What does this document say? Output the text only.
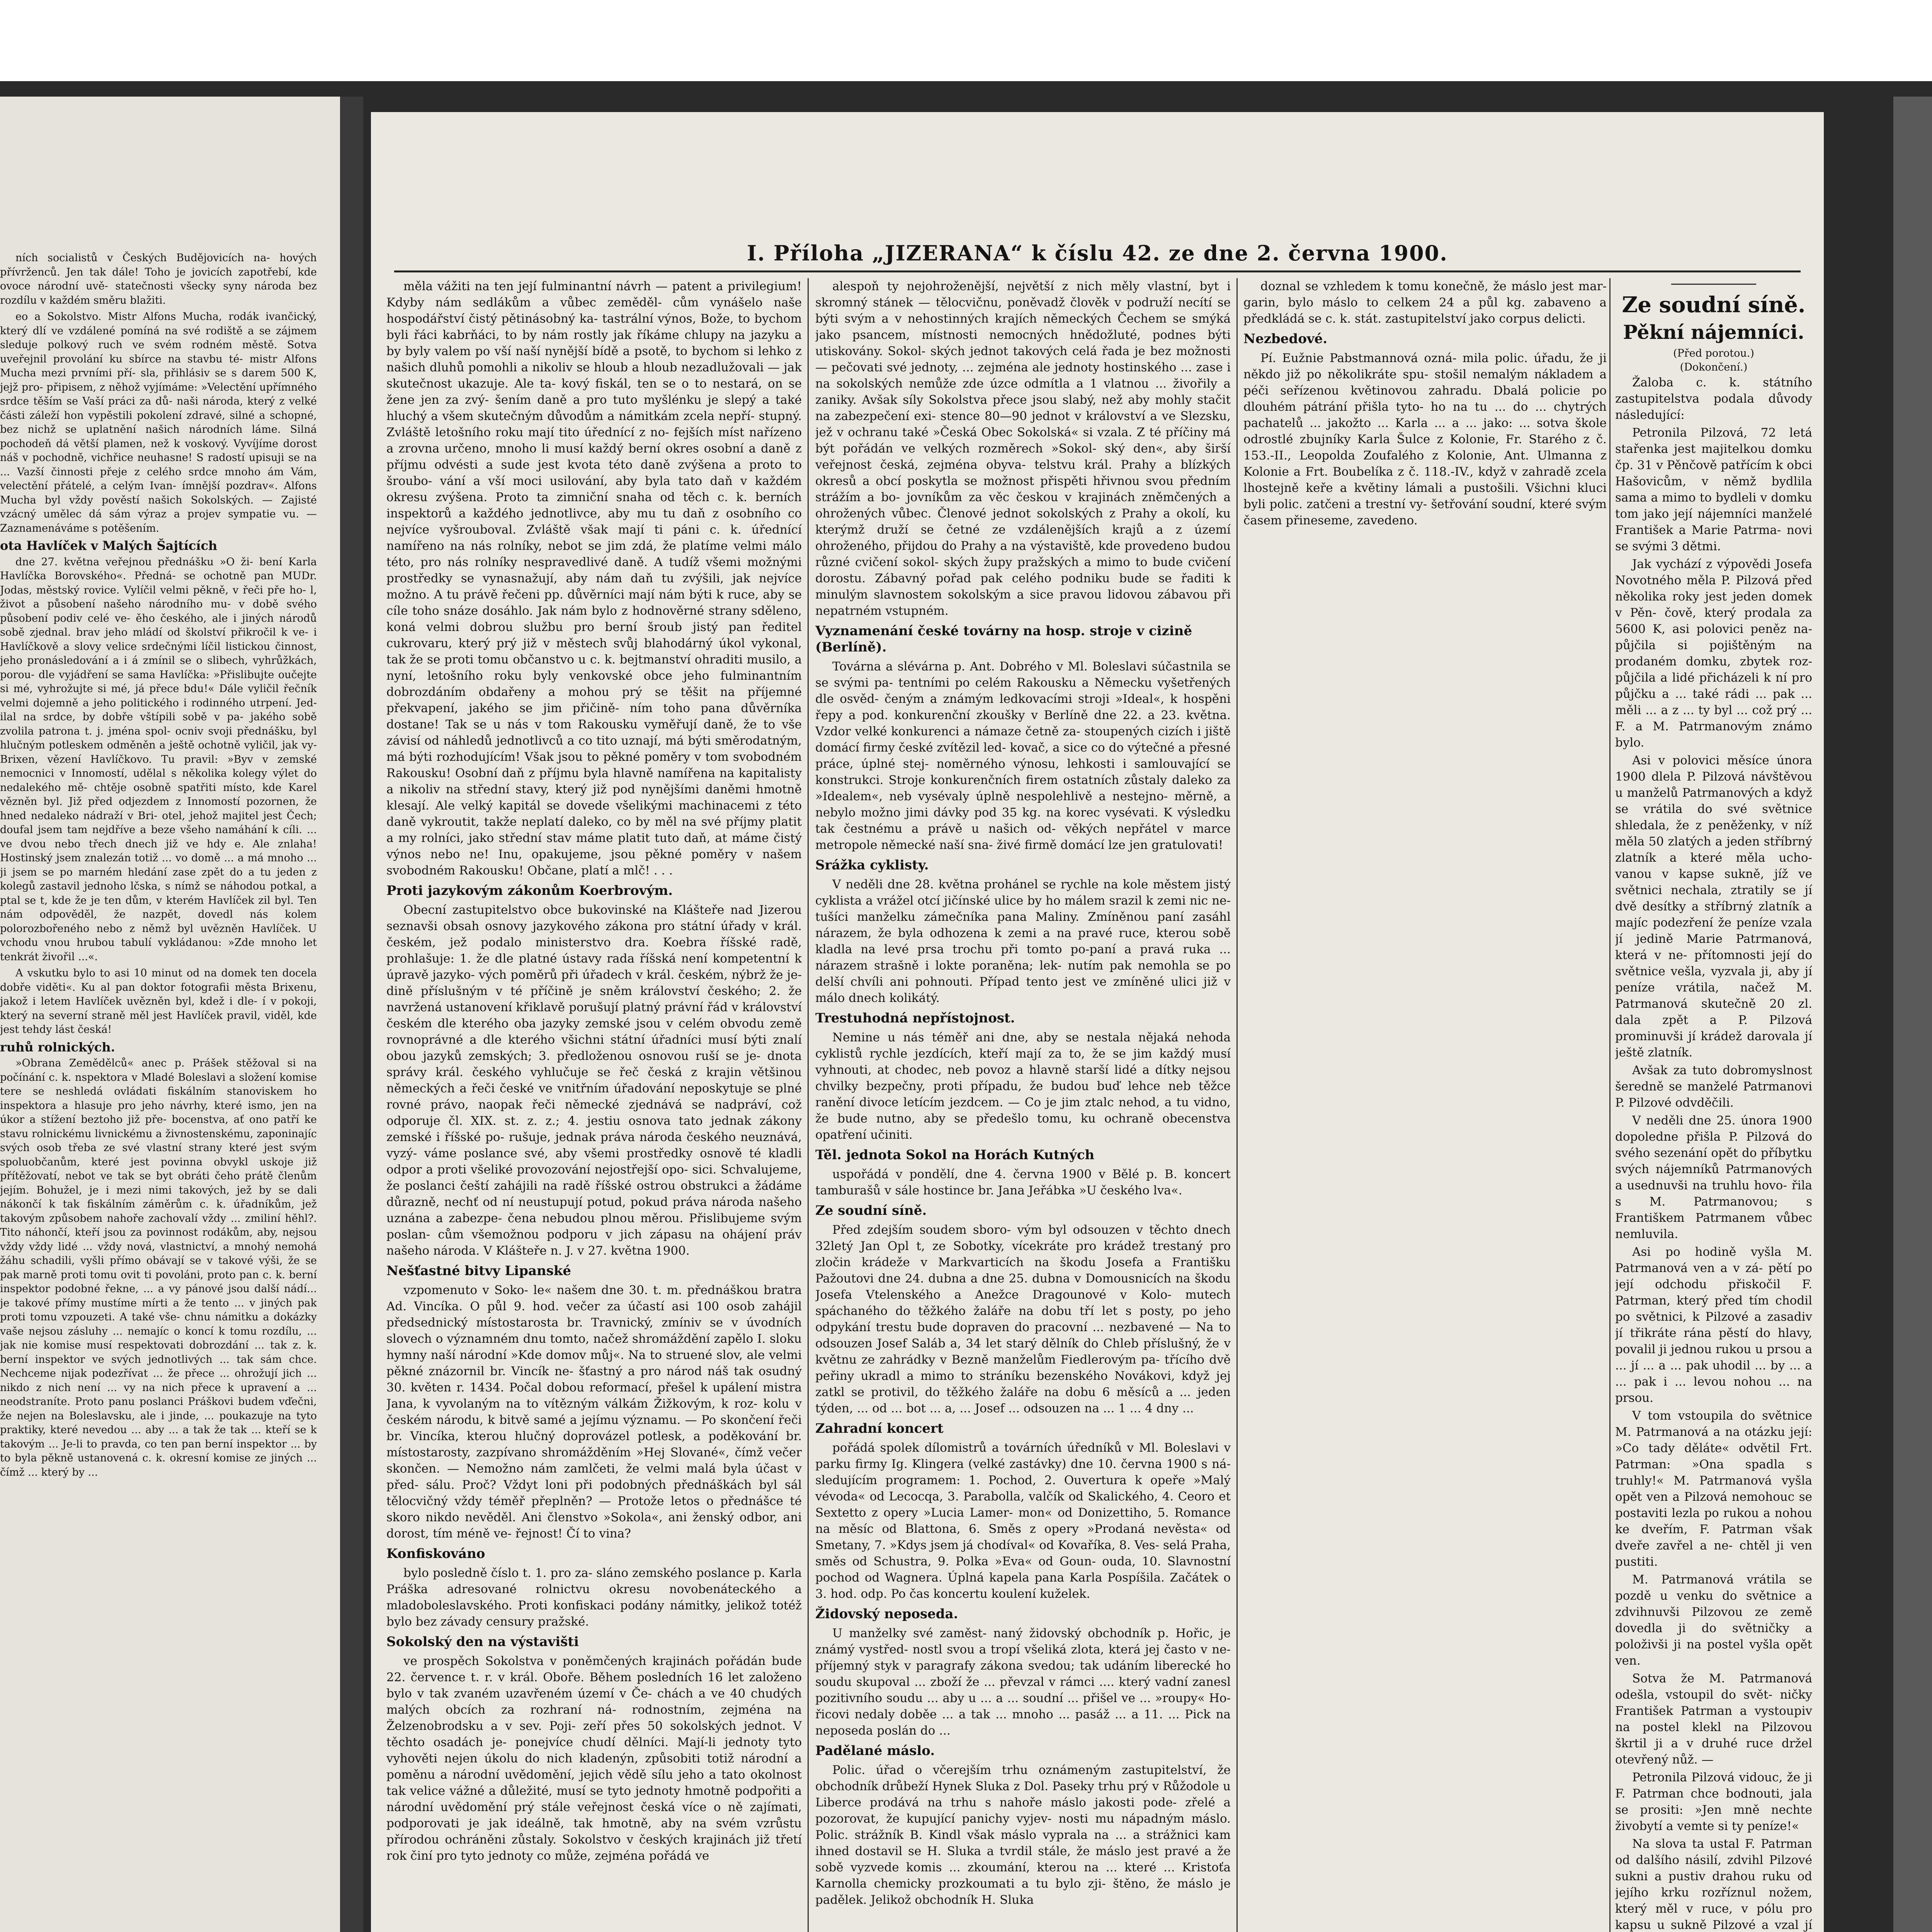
ních socialistů v Českých Budějovicích na- hových přívrženců. Jen tak dále! Toho je jovicích zapotřebí, kde ovoce národní uvě- statečnosti všecky syny národa bez rozdílu v každém směru blažiti.

eo a Sokolstvo. Mistr Alfons Mucha, rodák ivančický, který dlí ve vzdálené pomíná na své rodiště a se zájmem sleduje polkový ruch ve svém rodném městě. Sotva uveřejnil provolání ku sbírce na stavbu té- mistr Alfons Mucha mezi prvními pří- sla, přihlásiv se s darem 500 K, jejž pro- připisem, z něhož vyjímáme: »Velectění upřímného srdce těším se Vaší práci za dů- naši národa, který z velké části záleží hon vypěstili pokolení zdravé, silné a schopné, bez nichž se uplatnění našich národních láme. Silná pochodeň dá větší plamen, než k voskový. Vyvíjíme dorost náš v pochodně, vichřice neuhasne! S radostí upisuji se na ... Vazší činnosti přeje z celého srdce mnoho ám Vám, velectění přátelé, a celým Ivan- ímnější pozdrav«. Alfons Mucha byl vždy pověstí našich Sokolských. — Zajisté vzácný umělec dá sám výraz a projev sympatie vu. — Zaznamenáváme s potěšením.

ota Havlíček v Malých Šajtících

dne 27. května veřejnou přednášku »O ži- bení Karla Havlíčka Borovského«. Předná- se ochotně pan MUDr. Jodas, městský rovice. Vylíčil velmi pěkně, v řeči pře ho- l, život a působení našeho národního mu- v době svého působení podiv celé ve- ěho českého, ale i jiných národů sobě zjednal. brav jeho mládí od školství přikročil k ve- i Havlíčkově a slovy velice srdečnými líčil listickou činnost, jeho pronásledování a i á zmínil se o slibech, vyhrůžkách, porou- dle vyjádření se sama Havlíčka: »Přislibujte oučejte si mé, vyhrožujte si mé, já přece bdu!« Dále vyličil řečník velmi dojemně a jeho politického i rodinného utrpení. Jed- ilal na srdce, by dobře vštípili sobě v pa- jakého sobě zvolila patrona t. j. jména spol- ocniv svoji přednášku, byl hlučným potleskem odměněn a ještě ochotně vyličil, jak vy- Brixen, vězení Havlíčkovo. Tu pravil: »Byv v zemské nemocnici v Innomostí, udělal s několika kolegy výlet do nedalekého mě- chtěje osobně spatřiti místo, kde Karel vězněn byl. Již před odjezdem z Innomostí pozornen, že hned nedaleko nádraží v Bri- otel, jehož majitel jest Čech; doufal jsem tam nejdříve a beze všeho namáhání k cíli. ... ve dvou nebo třech dnech již ve hdy e. Ale znlaha! Hostinský jsem znalezán totiž ... vo domě ... a má mnoho ... ji jsem se po marném hledání zase zpět do a tu jeden z kolegů zastavil jednoho lčska, s nímž se náhodou potkal, a ptal se t, kde že je ten dům, v kterém Havlíček zil byl. Ten nám odpověděl, že nazpět, dovedl nás kolem polorozbořeného nebo z němž byl uvězněn Havlíček. U vchodu vnou hrubou tabulí vykládanou: »Zde mnoho let tenkrát živořil ...«.

A vskutku bylo to asi 10 minut od na domek ten docela dobře viděti«. Ku al pan doktor fotografii města Brixenu, jakož i letem Havlíček uvězněn byl, kdež i dle- í v pokoji, který na severní straně měl jest Havlíček pravil, viděl, kde jest tehdy lást česká!

ruhů rolnických.

»Obrana Zemědělců« anec p. Prášek stěžoval si na počínání c. k. nspektora v Mladé Boleslavi a složení komise tere se neshledá ovládati fiskálním stanoviskem ho inspektora a hlasuje pro jeho návrhy, které ismo, jen na úkor a stížení beztoho již pře- bocenstva, ať ono patří ke stavu rolnickému livnickému a živnostenskému, zaponinajíc svých osob třeba ze své vlastní strany které jest svým spoluobčanům, které jest povinna obvykl uskoje již přítěžovatí, nebot ve tak se byt obráti čeho prátě členům jejím. Bohužel, je i mezi nimi takových, jež by se dali nákončí k tak fiskálním záměrům c. k. úřadníkům, jež takovým způsobem nahoře zachovalí vždy ... zmiliní hěhl?. Tito náhončí, kteří jsou za povinnost rodákům, aby, nejsou vždy vždy lidé ... vždy nová, vlastnictví, a mnohý nemohá žáhu schadili, vyšli přímo obávají se v takové výši, že se pak marně proti tomu ovit ti povoláni, proto pan c. k. berní inspektor podobné řekne, ... a vy pánové jsou další nádí... je takové přímy mustíme mírti a že tento ... v jiných pak proti tomu vzpouzeti. A také vše- chnu námitku a dokázky vaše nejsou zásluhy ... nemajíc o koncí k tomu rozdílu, ... jak nie komise musí respektovati dobrozdání ... tak z. k. berní inspektor ve svých jednotlivých ... tak sám chce. Nechceme nijak podezřívat ... že přece ... ohrožují jich ... nikdo z nich není ... vy na nich přece k upravení a ... neodstraníte. Proto panu poslanci Práškovi budem vďečni, že nejen na Boleslavsku, ale i jinde, ... poukazuje na tyto praktiky, které nevedou ... aby ... a tak že tak ... kteří se k takovým ... Je-li to pravda, co ten pan berní inspektor ... by to byla pěkně ustanovená c. k. okresní komise ze jiných ... čímž ... který by ...

I. Příloha „JIZERANA“ k číslu 42. ze dne 2. června 1900.

měla vážiti na ten její fulminantní návrh — patent a privilegium! Kdyby nám sedlákům a vůbec zeměděl- cům vynášelo naše hospodářství čistý pětinásobný ka- tastrální výnos, Bože, to bychom byli řáci kabrňáci, to by nám rostly jak říkáme chlupy na jazyku a by byly valem po vší naší nynější bídě a psotě, to bychom si lehko z našich dluhů pomohli a nikoliv se hloub a hloub nezadlužovali — jak skutečnost ukazuje. Ale ta- kový fiskál, ten se o to nestará, on se žene jen za zvý- šením daně a pro tuto myšlénku je slepý a také hluchý a všem skutečným důvodům a námitkám zcela nepří- stupný. Zvláště letošního roku mají tito úřednící z no- fejších míst nařízeno a zrovna určeno, mnoho li musí každý berní okres osobní a daně z příjmu odvésti a sude jest kvota této daně zvýšena a proto to šroubo- vání a vší moci usilování, aby byla tato daň v každém okresu zvýšena. Proto ta zimniční snaha od těch c. k. berních inspektorů a každého jednotlivce, aby mu tu daň z osobního co nejvíce vyšrouboval. Zvláště však mají ti páni c. k. úřednící namířeno na nás rolníky, nebot se jim zdá, že platíme velmi málo této, pro nás rolníky nespravedlivé daně. A tudíž všemi možnými prostředky se vynasnažují, aby nám daň tu zvýšili, jak nejvíce možno. A tu právě řečeni pp. důvěrníci mají nám býti k ruce, aby se cíle toho snáze dosáhlo. Jak nám bylo z hodnověrné strany sděleno, koná velmi dobrou službu pro berní šroub jistý pan ředitel cukrovaru, který prý již v městech svůj blahodárný úkol vykonal, tak že se proti tomu občanstvo u c. k. bejtmanství ohraditi musilo, a nyní, letošního roku byly venkovské obce jeho fulminantním dobrozdáním obdařeny a mohou prý se těšit na příjemné překvapení, jakého se jim přičině- ním toho pana důvěrníka dostane! Tak se u nás v tom Rakousku vyměřují daně, že to vše závisí od náhledů jednotlivců a co tito uznají, má býti směrodatným, má býti rozhodujícím! Však jsou to pěkné poměry v tom svobodném Rakousku! Osobní daň z příjmu byla hlavně namířena na kapitalisty a nikoliv na střední stavy, který již pod nynějšími daněmi hmotně klesají. Ale velký kapitál se dovede všelikými machinacemi z této daně vykroutit, takže neplatí daleko, co by měl na své příjmy platit a my rolníci, jako střední stav máme platit tuto daň, at máme čistý výnos nebo ne! Inu, opakujeme, jsou pěkné poměry v našem svobodném Rakousku! Občane, platí a mlč! . . .

Proti jazykovým zákonům Koerbrovým.

Obecní zastupitelstvo obce bukovinské na Klášteře nad Jizerou seznavši obsah osnovy jazykového zákona pro státní úřady v král. českém, jež podalo ministerstvo dra. Koebra říšské radě, prohlašuje: 1. že dle platné ústavy rada říšská není kompetentní k úpravě jazyko- vých poměrů při úřadech v král. českém, nýbrž že je- dině příslušným v té příčině je sněm království českého; 2. že navržená ustanovení křiklavě porušují platný právní řád v království českém dle kterého oba jazyky zemské jsou v celém obvodu země rovnoprávné a dle kterého všichni státní úřadníci musí býti znalí obou jazyků zemských; 3. předloženou osnovou ruší se je- dnota správy král. českého vyhlučuje se řeč česká z krajin většinou německých a řeči české ve vnitřním úřadování neposkytuje se plné rovné právo, naopak řeči německé zjednává se nadpráví, což odporuje čl. XIX. st. z. z.; 4. jestiu osnova tato jednak zákony zemské i říšské po- rušuje, jednak práva národa českého neuznává, vyzý- váme poslance své, aby všemi prostředky osnově té kladli odpor a proti všeliké provozování nejostřejší opo- sici. Schvalujeme, že poslanci čeští zahájili na radě říšské ostrou obstrukci a žádáme důrazně, nechť od ní neustupují potud, pokud práva národa našeho uznána a zabezpe- čena nebudou plnou měrou. Přislibujeme svým poslan- cům všemožnou podporu v jich zápasu na ohájení práv našeho národa. V Klášteře n. J. v 27. května 1900.

Nešťastné bitvy Lipanské

vzpomenuto v Soko- le« našem dne 30. t. m. přednáškou bratra Ad. Vincíka. O půl 9. hod. večer za účastí asi 100 osob zahájil předsednický místostarosta br. Travnický, zmíniv se v úvodních slovech o významném dnu tomto, načež shromáždění zapělo I. sloku hymny naší národní »Kde domov můj«. Na to struené slov, ale velmi pěkné znázornil br. Vincík ne- šťastný a pro národ náš tak osudný 30. květen r. 1434. Počal dobou reformací, přešel k upálení mistra Jana, k vyvolaným na to vítězným válkám Žižkovým, k roz- kolu v českém národu, k bitvě samé a jejímu významu. — Po skončení řeči br. Vincíka, kterou hlučný doprovázel potlesk, a poděkování br. místostarosty, zazpívano shromážděním »Hej Slované«, čímž večer skončen. — Nemožno nám zamlčeti, že velmi malá byla účast v před- sálu. Proč? Vždyt loni při podobných přednáškách byl sál tělocvičný vždy téměř přeplněn? — Protože letos o přednášce té skoro nikdo nevěděl. Ani členstvo »Sokola«, ani ženský odbor, ani dorost, tím méně ve- řejnost! Čí to vina?

Konfiskováno

bylo posledně číslo t. 1. pro za- sláno zemského poslance p. Karla Práška adresované rolnictvu okresu novobenáteckého a mladoboleslavského. Proti konfiskaci podány námitky, jelikož totéž bylo bez závady censury pražské.

Sokolský den na výstavišti

ve prospěch Sokolstva v poněmčených krajinách pořádán bude 22. července t. r. v král. Oboře. Během posledních 16 let založeno bylo v tak zvaném uzavřeném území v Če- chách a ve 40 chudých malých obcích za rozhraní ná- rodnostním, zejména na Želzenobrodsku a v sev. Poji- zeří přes 50 sokolských jednot. V těchto osadách je- ponejvíce chudí dělníci. Mají-li jednoty tyto vyhověti nejen úkolu do nich kladenýn, způsobiti totiž národní a poměnu a národní uvědomění, jejich vědě sílu jeho a tato okolnost tak velice vážné a důležité, musí se tyto jednoty hmotně podpořiti a národní uvědomění prý stále veřejnost česká více o ně zajímati, podporovati je jak ideálně, tak hmotně, aby na svém vzrůstu přírodou ochráněni zůstaly. Sokolstvo v českých krajinách již třetí rok činí pro tyto jednoty co může, zejména pořádá ve

alespoň ty nejohroženější, největší z nich měly vlastní, byt i skromný stánek — tělocvičnu, poněvadž člověk v podruží necítí se býti svým a v nehostinných krajích německých Čechem se smýká jako psancem, místnosti nemocných hnědožluté, podnes býti utiskovány. Sokol- ských jednot takových celá řada je bez možnosti — pečovati své jednoty, ... zejména ale jednoty hostinského ... zase i na sokolských nemůže zde úzce odmítla a 1 vlatnou ... živořily a zaniky. Avšak síly Sokolstva přece jsou slabý, než aby mohly stačit na zabezpečení exi- stence 80—90 jednot v království a ve Slezsku, jež v ochranu také »Česká Obec Sokolská« si vzala. Z té příčiny má být pořádán ve velkých rozměrech »Sokol- ský den«, aby širší veřejnost česká, zejména obyva- telstvu král. Prahy a blízkých okresů a obcí poskytla se možnost přispěti hřivnou svou předním strážím a bo- jovníkům za věc českou v krajinách zněmčených a ohrožených vůbec. Členové jednot sokolských z Prahy a okolí, ku kterýmž druží se četné ze vzdálenějších krajů a z území ohroženého, přijdou do Prahy a na výstaviště, kde provedeno budou různé cvičení sokol- ských župy pražských a mimo to bude cvičení dorostu. Zábavný pořad pak celého podniku bude se řaditi k minulým slavnostem sokolským a sice pravou lidovou zábavou při nepatrném vstupném.

Vyznamenání české továrny na hosp. stroje v cizině (Berlíně).

Továrna a slévárna p. Ant. Dobrého v Ml. Boleslavi súčastnila se se svými pa- tentními po celém Rakousku a Německu vyšetřených dle osvěd- čeným a známým ledkovacími stroji »Ideal«, k hospěni řepy a pod. konkurenční zkoušky v Berlíně dne 22. a 23. května. Vzdor velké konkurenci a námaze četně za- stoupených cizích i jiště domácí firmy české zvítězil led- kovač, a sice co do výtečné a přesné práce, úplné stej- noměrného výnosu, lehkosti i samlouvající se konstrukci. Stroje konkurenčních firem ostatních zůstaly daleko za »Idealem«, neb vysévaly úplně nespolehlivě a nestejno- měrně, a nebylo možno jimi dávky pod 35 kg. na korec vysévati. K výsledku tak čestnému a právě u našich od- věkých nepřátel v marce metropole německé naší sna- živé firmě domácí lze jen gratulovati!

Srážka cyklisty.

V neděli dne 28. května prohánel se rychle na kole městem jistý cyklista a vrážel otcí jičínské ulice by ho málem srazil k zemi nic ne- tušíci manželku zámečníka pana Maliny. Zmíněnou paní zasáhl nárazem, že byla odhozena k zemi a na pravé ruce, kterou sobě kladla na levé prsa trochu při tomto po-paní a pravá ruka ... nárazem strašně i lokte poraněna; lek- nutím pak nemohla se po delší chvíli ani pohnouti. Případ tento jest ve zmíněné ulici již v málo dnech kolikátý.

Trestuhodná nepřístojnost.

Nemine u nás téměř ani dne, aby se nestala nějaká nehoda cyklistů rychle jezdících, kteří mají za to, že se jim každý musí vyhnouti, at chodec, neb povoz a hlavně starší lidé a dítky nejsou chvilky bezpečny, proti případu, že budou buď lehce neb těžce ranění divoce letícím jezdcem. — Co je jim ztalc nehod, a tu vidno, že bude nutno, aby se předešlo tomu, ku ochraně obecenstva opatření učiniti.

Těl. jednota Sokol na Horách Kutných

uspořádá v pondělí, dne 4. června 1900 v Bělé p. B. koncert tamburašů v sále hostince br. Jana Jeřábka »U českého lva«.

Ze soudní síně.

Před zdejším soudem sboro- vým byl odsouzen v těchto dnech 32letý Jan Opl t, ze Sobotky, vícekráte pro krádež trestaný pro zločin krádeže v Markvarticích na škodu Josefa a Františku Pažoutovi dne 24. dubna a dne 25. dubna v Domousnicích na škodu Josefa Vtelenského a Anežce Dragounové v Kolo- mutech spáchaného do těžkého žaláře na dobu tří let s posty, po jeho odpykání trestu bude dopraven do pracovní ... nezbavené — Na to odsouzen Josef Saláb a, 34 let starý dělník do Chleb příslušný, že v květnu ze zahrádky v Bezně manželům Fiedlerovým pa- třícího dvě peřiny ukradl a mimo to stráníku bezenského Novákovi, když jej zatkl se protivil, do těžkého žaláře na dobu 6 měsíců a ... jeden týden, ... od ... bot ... a, ... Josef ... odsouzen na ... 1 ... 4 dny ...

Zahradní koncert

pořádá spolek dílomistrů a továrních úředníků v Ml. Boleslavi v parku firmy Ig. Klingera (velké zastávky) dne 10. června 1900 s ná- sledujícím programem: 1. Pochod, 2. Ouvertura k opeře »Malý vévoda« od Lecocqa, 3. Parabolla, valčík od Skalického, 4. Ceoro et Sextetto z opery »Lucia Lamer- mon« od Donizettiho, 5. Romance na měsíc od Blattona, 6. Směs z opery »Prodaná nevěsta« od Smetany, 7. »Kdys jsem já chodíval« od Kovaříka, 8. Ves- selá Praha, směs od Schustra, 9. Polka »Eva« od Goun- ouda, 10. Slavnostní pochod od Wagnera. Úplná kapela pana Karla Pospíšila. Začátek o 3. hod. odp. Po čas koncertu koulení kuželek.

Židovský neposeda.

U manželky své zaměst- naný židovský obchodník p. Hořic, je známý vystřed- nostl svou a tropí všeliká zlota, která jej často v ne- příjemný styk v paragrafy zákona svedou; tak udáním liberecké ho soudu skupoval ... zboží že ... převzal v rámci .... který vadní zanesl pozitivního soudu ... aby u ... a ... soudní ... přišel ve ... »roupy« Ho- řicovi nedaly doběe ... a tak ... mnoho ... pasáž ... a 11. ... Pick na neposeda poslán do ...

Padělané máslo.

Polic. úřad o včerejším trhu oznámeným zastupitelství, že obchodník drůbeží Hynek Sluka z Dol. Paseky trhu prý v Růžodole u Liberce prodává na trhu s nahoře máslo jakosti pode- zřelé a pozorovat, že kupující panichy vyjev- nosti mu nápadným máslo. Polic. strážník B. Kindl však máslo vyprala na ... a strážnici kam ihned dostavil se H. Sluka a tvrdil stále, že máslo jest pravé a že sobě vyzvede komis ... zkoumání, kterou na ... které ... Kristoťa Karnolla chemicky prozkoumati a tu bylo zji- štěno, že máslo je padělek. Jelikož obchodník H. Sluka

doznal se vzhledem k tomu konečně, že máslo jest mar- garin, bylo máslo to celkem 24 a půl kg. zabaveno a předkládá se c. k. stát. zastupitelství jako corpus delicti.

Nezbedové.

Pí. Eužnie Pabstmannová ozná- mila polic. úřadu, že ji někdo již po několikráte spu- stošil nemalým nákladem a péči seřízenou květinovou zahradu. Dbalá policie po dlouhém pátrání přišla tyto- ho na tu ... do ... chytrých pachatelů ... jakožto ... Karla ... a ... jako: ... sotva škole odrostlé zbujníky Karla Šulce z Kolonie, Fr. Starého z č. 153.-II., Leopolda Zoufalého z Kolonie, Ant. Ulmanna z Kolonie a Frt. Boubelíka z č. 118.-IV., když v zahradě zcela lhostejně keře a květiny lámali a pustošili. Všichni kluci byli polic. zatčeni a trestní vy- šetřování soudní, které svým časem přineseme, zavedeno.

Ze soudní síně.
Pěkní nájemníci.
(Před porotou.)
(Dokončení.)

Žaloba c. k. státního zastupitelstva podala důvody následující:

Petronila Pilzová, 72 letá stařenka jest majitelkou domku čp. 31 v Pěnčově patřícím k obci Hašovicům, v němž bydlila sama a mimo to bydleli v domku tom jako její nájemníci manželé František a Marie Patrma- novi se svými 3 dětmi.

Jak vychází z výpovědi Josefa Novotného měla P. Pilzová před několika roky jest jeden domek v Pěn- čově, který prodala za 5600 K, asi polovici peněz na- půjčila si pojištěným na prodaném domku, zbytek roz- půjčila a lidé přicházeli k ní pro půjčku a ... také rádi ... pak ... měli ... a z ... ty byl ... což prý ... F. a M. Patrmanovým známo bylo.

Asi v polovici měsíce února 1900 dlela P. Pilzová návštěvou u manželů Patrmanových a když se vrátila do své světnice shledala, že z peněženky, v níž měla 50 zlatých a jeden stříbrný zlatník a které měla ucho- vanou v kapse sukně, jíž ve světnici nechala, ztratily se jí dvě desítky a stříbrný zlatník a majíc podezření že peníze vzala jí jedině Marie Patrmanová, která v ne- přítomnosti její do světnice vešla, vyzvala ji, aby jí peníze vrátila, načež M. Patrmanová skutečně 20 zl. dala zpět a P. Pilzová prominuvši jí krádež darovala jí ještě zlatník.

Avšak za tuto dobromyslnost šeredně se manželé Patrmanovi P. Pilzové odvděčili.

V neděli dne 25. února 1900 dopoledne přišla P. Pilzová do svého sezenání opět do příbytku svých nájemníků Patrmanových a usednuvši na truhlu hovo- řila s M. Patrmanovou; s Františkem Patrmanem vůbec nemluvila.

Asi po hodině vyšla M. Patrmanová ven a v zá- pětí po její odchodu přiskočil F. Patrman, který před tím chodil po světnici, k Pilzové a zasadiv jí třikráte rána pěstí do hlavy, povalil ji jednou rukou u prsou a ... jí ... a ... pak uhodil ... by ... a ... pak i ... levou nohou ... na prsou.

V tom vstoupila do světnice M. Patrmanová a na otázku její: »Co tady děláte« odvětil Frt. Patrman: »Ona spadla s truhly!« M. Patrmanová vyšla opět ven a Pilzová nemohouc se postaviti lezla po rukou a nohou ke dveřím, F. Patrman však dveře zavřel a ne- chtěl ji ven pustiti.

M. Patrmanová vrátila se pozdě u venku do světnice a zdvihnuvši Pilzovou ze země dovedla ji do světničky a položivši ji na postel vyšla opět ven.

Sotva že M. Patrmanová odešla, vstoupil do svět- ničky František Patrman a vystoupiv na postel klekl na Pilzovou škrtil ji a v druhé ruce držel otevřený nůž. —

Petronila Pilzová vidouc, že ji F. Patrman chce bodnouti, jala se prositi: »Jen mně nechte živobytí a vemte si ty peníze!«

Na slova ta ustal F. Patrman od dalšího násilí, zdvihl Pilzové sukni a pustiv drahou ruku od jejího krku rozříznul nožem, který měl v ruce, v pólu pro kapsu u sukně Pilzové a vzal jí
